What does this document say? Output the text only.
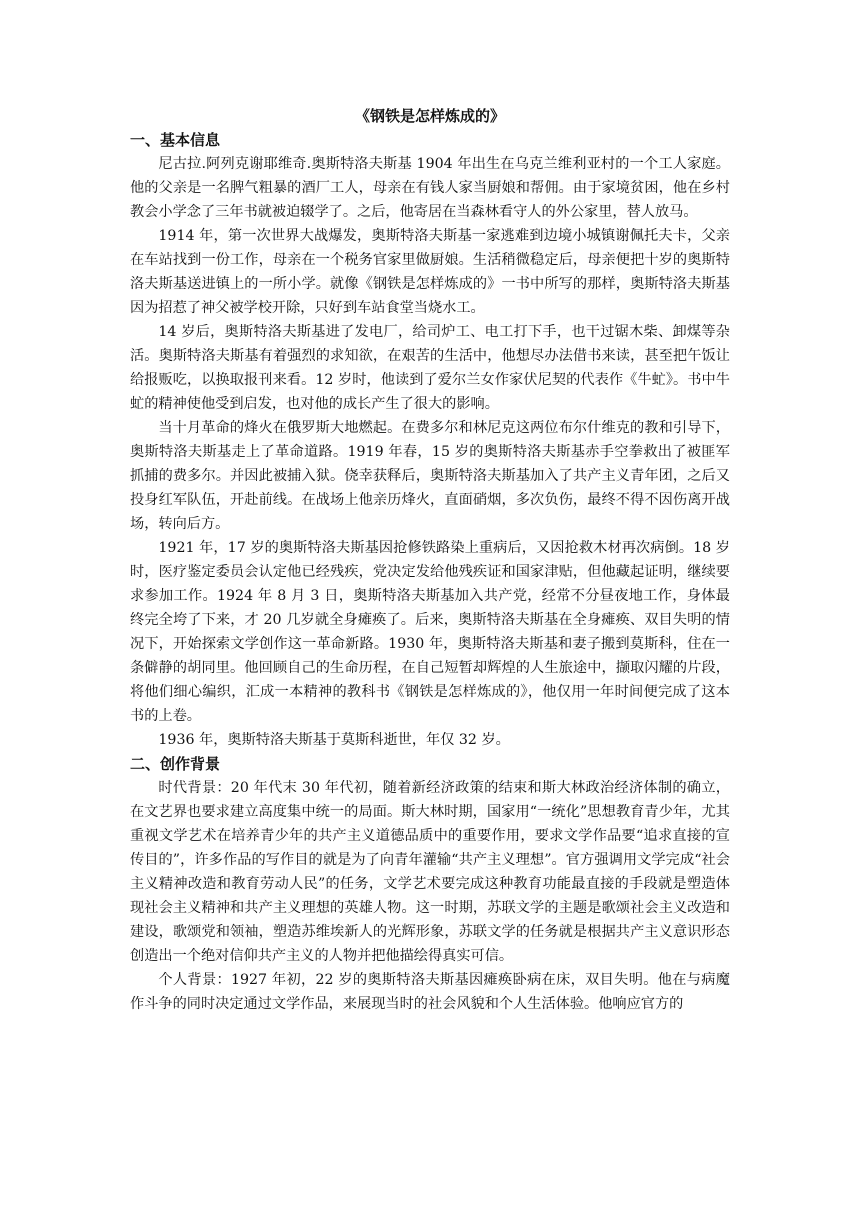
《钢铁是怎样炼成的》

一、基本信息

尼古拉.阿列克谢耶维奇.奥斯特洛夫斯基 1904 年出生在乌克兰维利亚村的一个工人家庭。他的父亲是一名脾气粗暴的酒厂工人，母亲在有钱人家当厨娘和帮佣。由于家境贫困，他在乡村教会小学念了三年书就被迫辍学了。之后，他寄居在当森林看守人的外公家里，替人放马。

1914 年，第一次世界大战爆发，奥斯特洛夫斯基一家逃难到边境小城镇谢佩托夫卡，父亲在车站找到一份工作，母亲在一个税务官家里做厨娘。生活稍微稳定后，母亲便把十岁的奥斯特洛夫斯基送进镇上的一所小学。就像《钢铁是怎样炼成的》一书中所写的那样，奥斯特洛夫斯基因为招惹了神父被学校开除，只好到车站食堂当烧水工。

14 岁后，奥斯特洛夫斯基进了发电厂，给司炉工、电工打下手，也干过锯木柴、卸煤等杂活。奥斯特洛夫斯基有着强烈的求知欲，在艰苦的生活中，他想尽办法借书来读，甚至把午饭让给报贩吃，以换取报刊来看。12 岁时，他读到了爱尔兰女作家伏尼契的代表作《牛虻》。书中牛虻的精神使他受到启发，也对他的成长产生了很大的影响。

当十月革命的烽火在俄罗斯大地燃起。在费多尔和林尼克这两位布尔什维克的教和引导下，奥斯特洛夫斯基走上了革命道路。1919 年春，15 岁的奥斯特洛夫斯基赤手空拳救出了被匪军抓捕的费多尔。并因此被捕入狱。侥幸获释后，奥斯特洛夫斯基加入了共产主义青年团，之后又投身红军队伍，开赴前线。在战场上他亲历烽火，直面硝烟，多次负伤，最终不得不因伤离开战场，转向后方。

1921 年，17 岁的奥斯特洛夫斯基因抢修铁路染上重病后，又因抢救木材再次病倒。18 岁时，医疗鉴定委员会认定他已经残疾，党决定发给他残疾证和国家津贴，但他藏起证明，继续要求参加工作。1924 年 8 月 3 日，奥斯特洛夫斯基加入共产党，经常不分昼夜地工作，身体最终完全垮了下来，才 20 几岁就全身瘫痪了。后来，奥斯特洛夫斯基在全身瘫痪、双目失明的情况下，开始探索文学创作这一革命新路。1930 年，奥斯特洛夫斯基和妻子搬到莫斯科，住在一条僻静的胡同里。他回顾自己的生命历程，在自己短暂却辉煌的人生旅途中，撷取闪耀的片段，将他们细心编织，汇成一本精神的教科书《钢铁是怎样炼成的》，他仅用一年时间便完成了这本书的上卷。

1936 年，奥斯特洛夫斯基于莫斯科逝世，年仅 32 岁。

二、创作背景

时代背景：20 年代末 30 年代初，随着新经济政策的结束和斯大林政治经济体制的确立，在文艺界也要求建立高度集中统一的局面。斯大林时期，国家用“一统化”思想教育青少年，尤其重视文学艺术在培养青少年的共产主义道德品质中的重要作用，要求文学作品要“追求直接的宣传目的”，许多作品的写作目的就是为了向青年灌输“共产主义理想”。官方强调用文学完成“社会主义精神改造和教育劳动人民”的任务，文学艺术要完成这种教育功能最直接的手段就是塑造体现社会主义精神和共产主义理想的英雄人物。这一时期，苏联文学的主题是歌颂社会主义改造和建设，歌颂党和领袖，塑造苏维埃新人的光辉形象，苏联文学的任务就是根据共产主义意识形态创造出一个绝对信仰共产主义的人物并把他描绘得真实可信。

个人背景：1927 年初，22 岁的奥斯特洛夫斯基因瘫痪卧病在床，双目失明。他在与病魔作斗争的同时决定通过文学作品，来展现当时的社会风貌和个人生活体验。他响应官方的
